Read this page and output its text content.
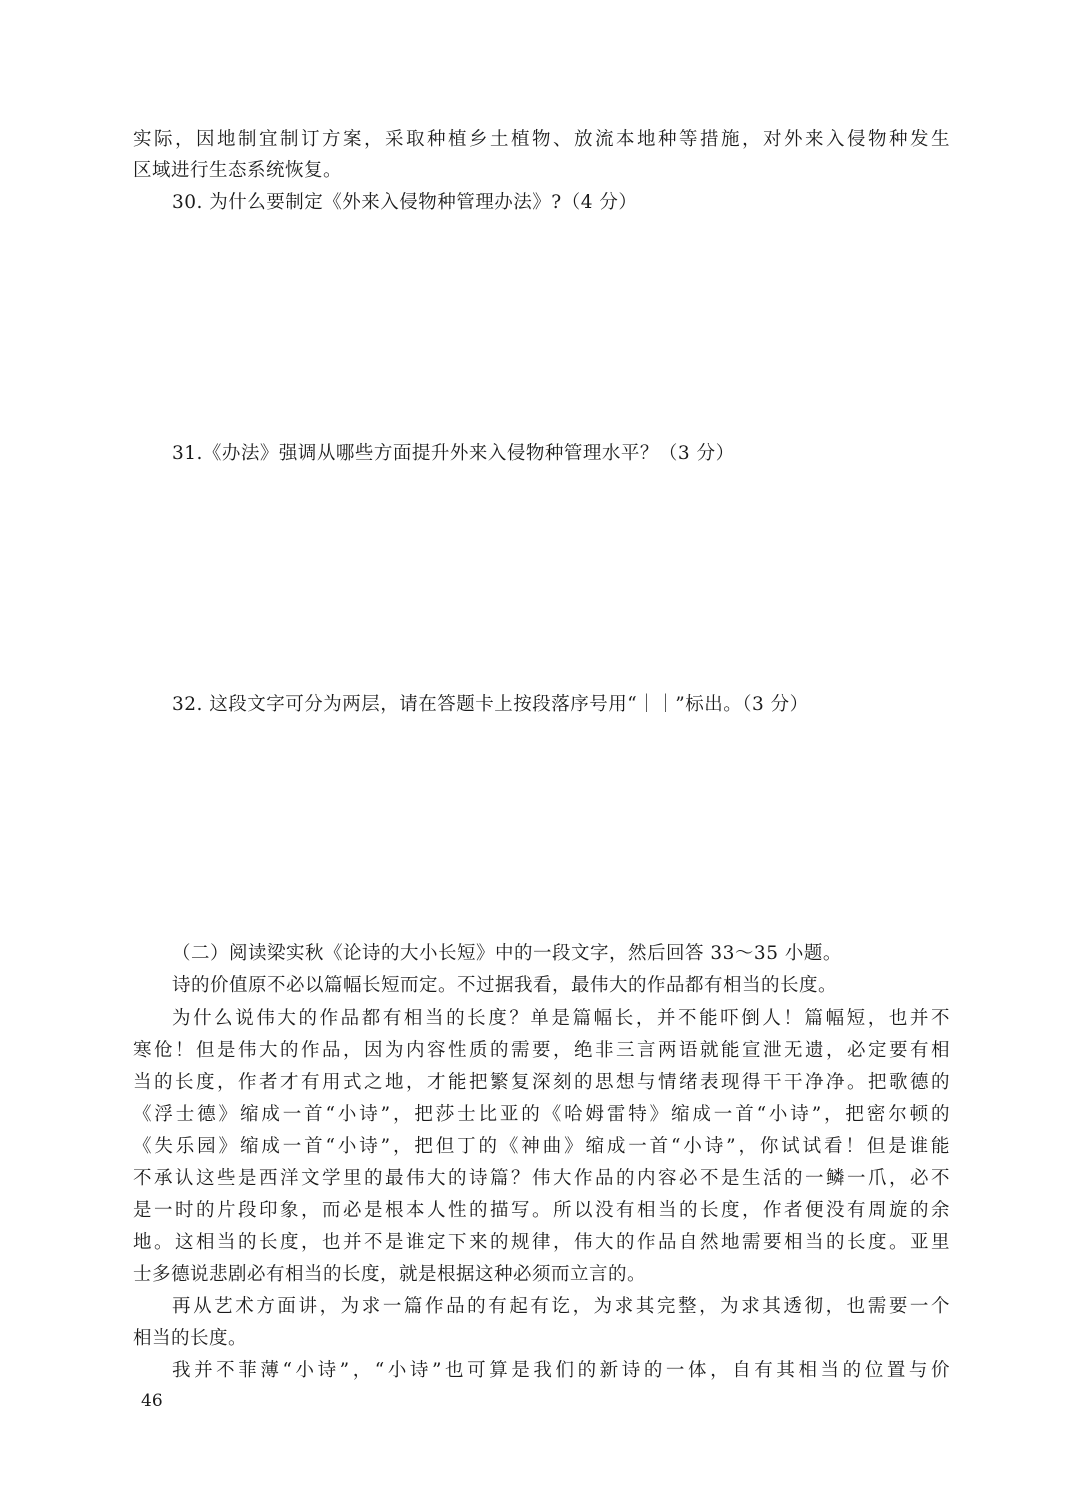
实际，因地制宜制订方案，采取种植乡土植物、放流本地种等措施，对外来入侵物种发生
区域进行生态系统恢复。
30. 为什么要制定《外来入侵物种管理办法》?（4 分）
31.《办法》强调从哪些方面提升外来入侵物种管理水平？（3 分）
32. 这段文字可分为两层，请在答题卡上按段落序号用“｜｜”标出。（3 分）
（二）阅读梁实秋《论诗的大小长短》中的一段文字，然后回答 33～35 小题。
诗的价值原不必以篇幅长短而定。不过据我看，最伟大的作品都有相当的长度。
为什么说伟大的作品都有相当的长度？单是篇幅长，并不能吓倒人！篇幅短，也并不
寒伧！但是伟大的作品，因为内容性质的需要，绝非三言两语就能宣泄无遗，必定要有相
当的长度，作者才有用式之地，才能把繁复深刻的思想与情绪表现得干干净净。把歌德的
《浮士德》缩成一首“小诗”，把莎士比亚的《哈姆雷特》缩成一首“小诗”，把密尔顿的
《失乐园》缩成一首“小诗”，把但丁的《神曲》缩成一首“小诗”，你试试看！但是谁能
不承认这些是西洋文学里的最伟大的诗篇？伟大作品的内容必不是生活的一鳞一爪，必不
是一时的片段印象，而必是根本人性的描写。所以没有相当的长度，作者便没有周旋的余
地。这相当的长度，也并不是谁定下来的规律，伟大的作品自然地需要相当的长度。亚里
士多德说悲剧必有相当的长度，就是根据这种必须而立言的。
再从艺术方面讲，为求一篇作品的有起有讫，为求其完整，为求其透彻，也需要一个
相当的长度。
我并不菲薄“小诗”，“小诗”也可算是我们的新诗的一体，自有其相当的位置与价
46
